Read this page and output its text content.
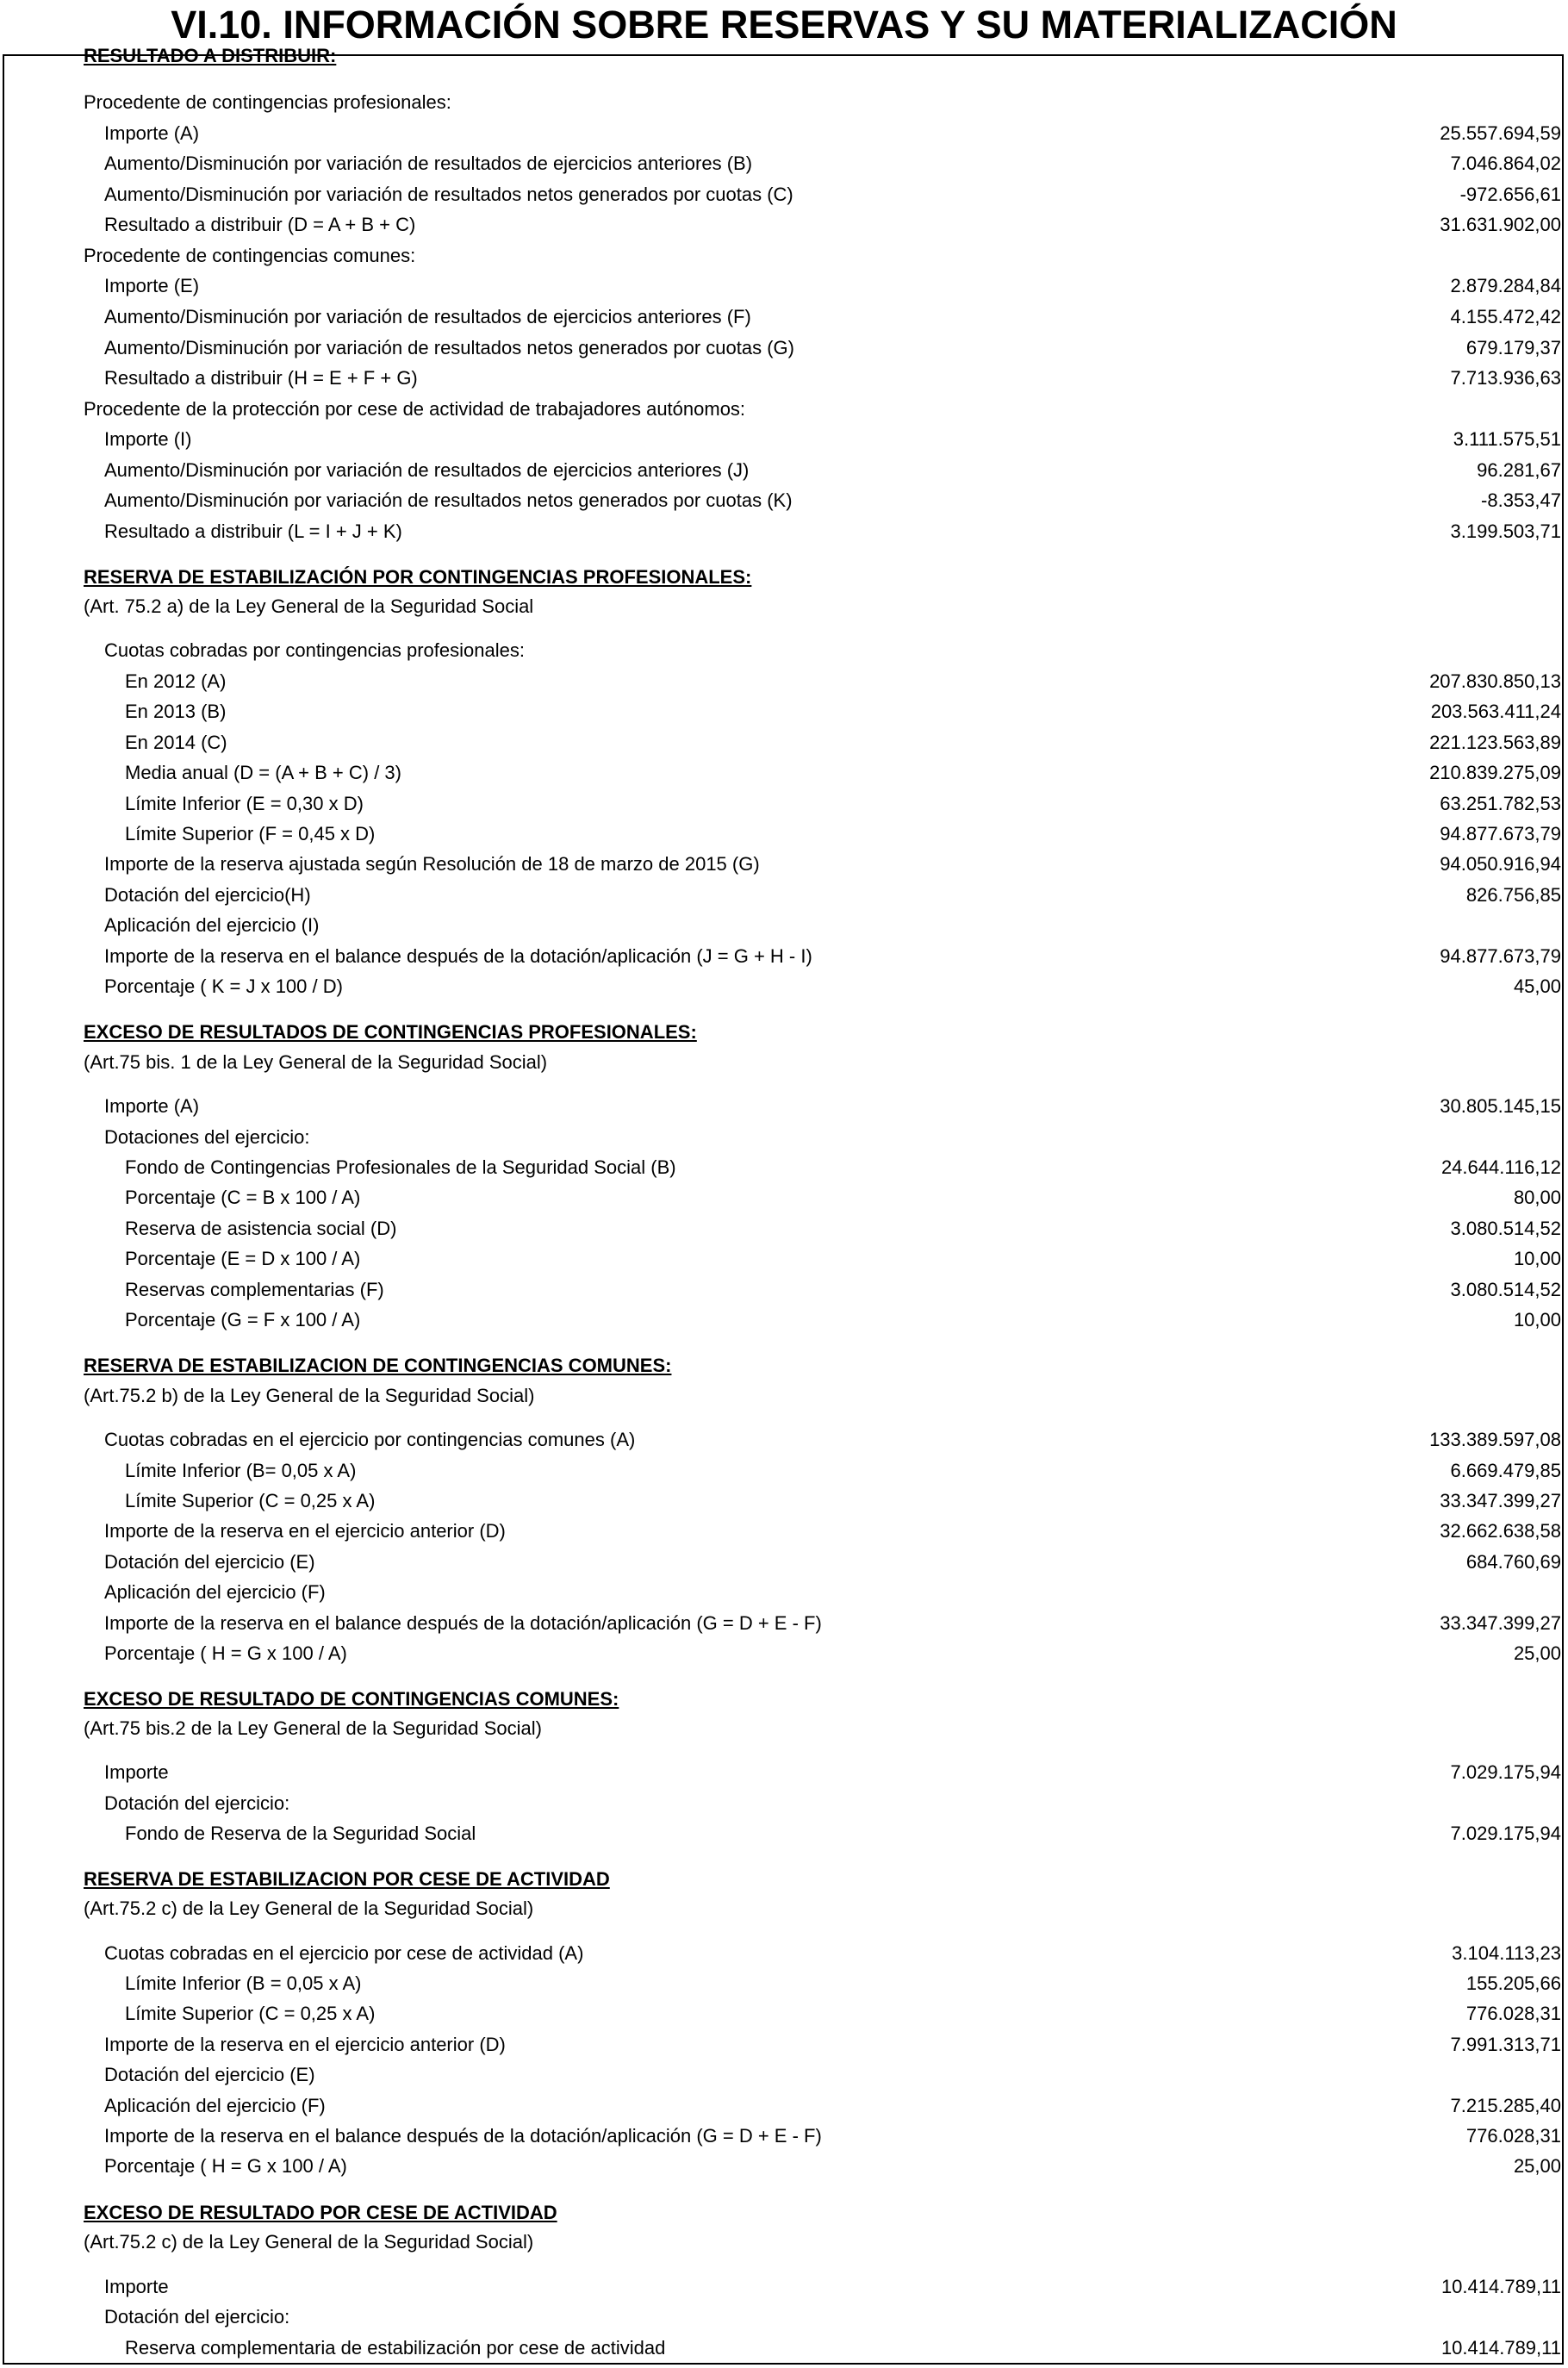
VI.10. INFORMACIÓN SOBRE RESERVAS Y SU MATERIALIZACIÓN
RESULTADO A DISTRIBUIR:
Procedente de contingencias profesionales:
Importe (A)	25.557.694,59
Aumento/Disminución por variación de resultados de ejercicios anteriores (B)	7.046.864,02
Aumento/Disminución por variación de resultados netos generados por cuotas (C)	-972.656,61
Resultado a distribuir (D = A + B + C)	31.631.902,00
Procedente de contingencias comunes:
Importe (E)	2.879.284,84
Aumento/Disminución por variación de resultados de ejercicios anteriores (F)	4.155.472,42
Aumento/Disminución por variación de resultados netos generados por cuotas (G)	679.179,37
Resultado a distribuir (H = E + F + G)	7.713.936,63
Procedente de la protección por cese de actividad de trabajadores autónomos:
Importe (I)	3.111.575,51
Aumento/Disminución por variación de resultados de ejercicios anteriores (J)	96.281,67
Aumento/Disminución por variación de resultados netos generados por cuotas (K)	-8.353,47
Resultado a distribuir (L = I + J + K)	3.199.503,71
RESERVA DE ESTABILIZACIÓN POR CONTINGENCIAS PROFESIONALES:
(Art. 75.2 a) de la Ley General de la Seguridad Social
Cuotas cobradas por contingencias profesionales:
En 2012 (A)	207.830.850,13
En 2013 (B)	203.563.411,24
En 2014 (C)	221.123.563,89
Media anual (D = (A + B + C) / 3)	210.839.275,09
Límite Inferior (E = 0,30 x D)	63.251.782,53
Límite Superior (F = 0,45 x D)	94.877.673,79
Importe de la reserva ajustada según Resolución de 18 de marzo de 2015 (G)	94.050.916,94
Dotación del ejercicio(H)	826.756,85
Aplicación del ejercicio (I)
Importe de la reserva en el balance después de la dotación/aplicación (J = G + H - I)	94.877.673,79
Porcentaje ( K = J x 100 / D)	45,00
EXCESO DE RESULTADOS DE CONTINGENCIAS PROFESIONALES:
(Art.75 bis. 1 de la Ley General de la Seguridad Social)
Importe (A)	30.805.145,15
Dotaciones del ejercicio:
Fondo de Contingencias Profesionales de la Seguridad Social (B)	24.644.116,12
Porcentaje (C = B x 100 / A)	80,00
Reserva de asistencia social (D)	3.080.514,52
Porcentaje (E = D x 100 / A)	10,00
Reservas complementarias (F)	3.080.514,52
Porcentaje (G = F x 100 / A)	10,00
RESERVA DE ESTABILIZACION DE CONTINGENCIAS COMUNES:
(Art.75.2 b) de la Ley General de la Seguridad Social)
Cuotas cobradas en el ejercicio por contingencias comunes (A)	133.389.597,08
Límite Inferior (B= 0,05 x A)	6.669.479,85
Límite Superior (C = 0,25 x A)	33.347.399,27
Importe de la reserva en el ejercicio anterior (D)	32.662.638,58
Dotación del ejercicio (E)	684.760,69
Aplicación del ejercicio (F)
Importe de la reserva en el balance después de la dotación/aplicación (G = D + E - F)	33.347.399,27
Porcentaje ( H = G x 100 / A)	25,00
EXCESO DE RESULTADO DE CONTINGENCIAS COMUNES:
(Art.75 bis.2 de la Ley General de la Seguridad Social)
Importe	7.029.175,94
Dotación del ejercicio:
Fondo de Reserva de la Seguridad Social	7.029.175,94
RESERVA DE ESTABILIZACION POR CESE DE ACTIVIDAD
(Art.75.2 c) de la Ley General de la Seguridad Social)
Cuotas cobradas en el ejercicio por cese de actividad (A)	3.104.113,23
Límite Inferior (B = 0,05 x A)	155.205,66
Límite Superior (C = 0,25 x A)	776.028,31
Importe de la reserva en el ejercicio anterior (D)	7.991.313,71
Dotación del ejercicio (E)
Aplicación del ejercicio (F)	7.215.285,40
Importe de la reserva en el balance después de la dotación/aplicación (G = D + E - F)	776.028,31
Porcentaje ( H = G x 100 / A)	25,00
EXCESO DE RESULTADO POR CESE DE ACTIVIDAD
(Art.75.2 c) de la Ley General de la Seguridad Social)
Importe	10.414.789,11
Dotación del ejercicio:
Reserva complementaria de estabilización por cese de actividad	10.414.789,11
